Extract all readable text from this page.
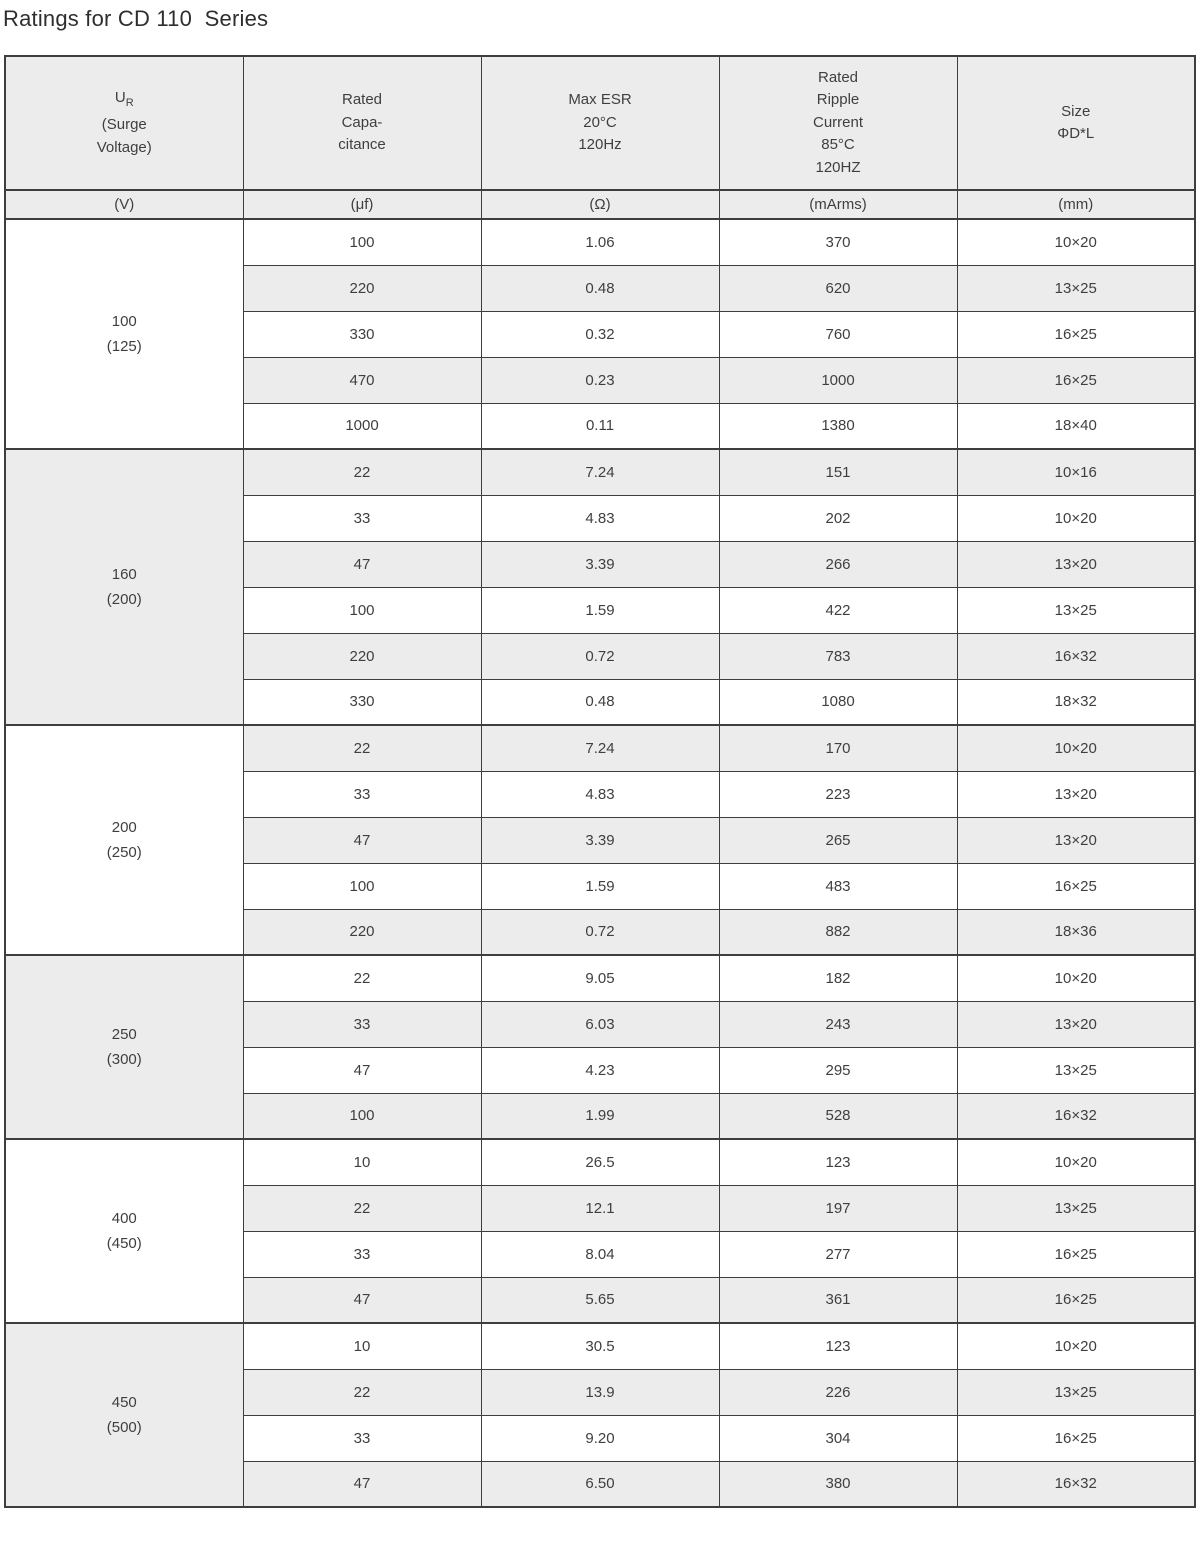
Ratings for CD 110  Series
$U_R$
(Surge
Voltage)	Rated
Capa-
citance	Max ESR
20°C
120Hz	Rated
Ripple
Current
85°C
120HZ	Size
ΦD*L

(V)	(μf)	(Ω)	(mArms)	(mm)

100
(125)	100	1.06	370	10×20
	220	0.48	620	13×25
	330	0.32	760	16×25
	470	0.23	1000	16×25
	1000	0.11	1380	18×40

160
(200)	22	7.24	151	10×16
	33	4.83	202	10×20
	47	3.39	266	13×20
	100	1.59	422	13×25
	220	0.72	783	16×32
	330	0.48	1080	18×32

200
(250)	22	7.24	170	10×20
	33	4.83	223	13×20
	47	3.39	265	13×20
	100	1.59	483	16×25
	220	0.72	882	18×36

250
(300)	22	9.05	182	10×20
	33	6.03	243	13×20
	47	4.23	295	13×25
	100	1.99	528	16×32

400
(450)	10	26.5	123	10×20
	22	12.1	197	13×25
	33	8.04	277	16×25
	47	5.65	361	16×25

450
(500)	10	30.5	123	10×20
	22	13.9	226	13×25
	33	9.20	304	16×25
	47	6.50	380	16×32
